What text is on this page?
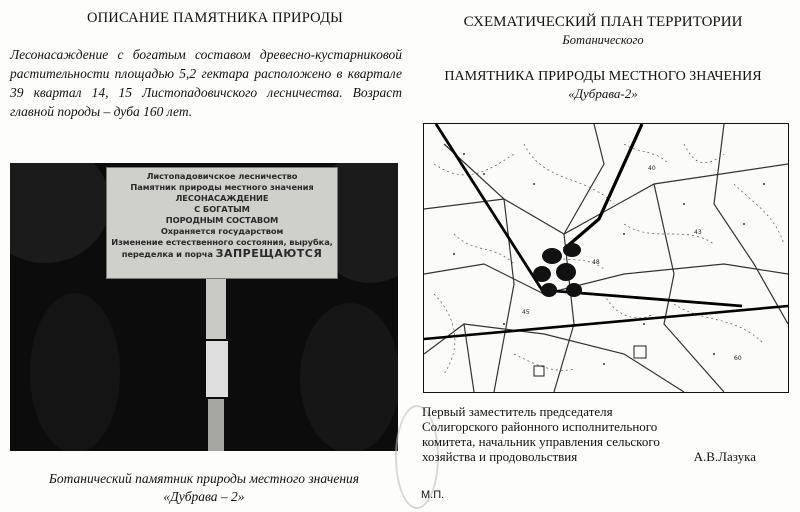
ОПИСАНИЕ ПАМЯТНИКА ПРИРОДЫ
Лесонасаждение с богатым составом древесно-кустарниковой растительности площадью 5,2 гектара расположено в квартале 39 квартал 14, 15 Листопадовичского лесничества. Возраст главной породы – дуба 160 лет.
Листопадовичское лесничество
Памятник природы местного значения
ЛЕСОНАСАЖДЕНИЕ
С БОГАТЫМ
ПОРОДНЫМ СОСТАВОМ
Охраняется государством
Изменение естественного состояния, вырубка,
переделка и порча ЗАПРЕЩАЮТСЯ
Ботанический памятник природы местного значения
«Дубрава – 2»
СХЕМАТИЧЕСКИЙ ПЛАН ТЕРРИТОРИИ
Ботанического
ПАМЯТНИКА ПРИРОДЫ МЕСТНОГО ЗНАЧЕНИЯ
«Дубрава-2»
40
45
43
48
60
Первый заместитель председателя
Солигорского районного исполнительного
комитета, начальник управления сельского
хозяйства и продовольствия	А.В.Лазука
М.П.
